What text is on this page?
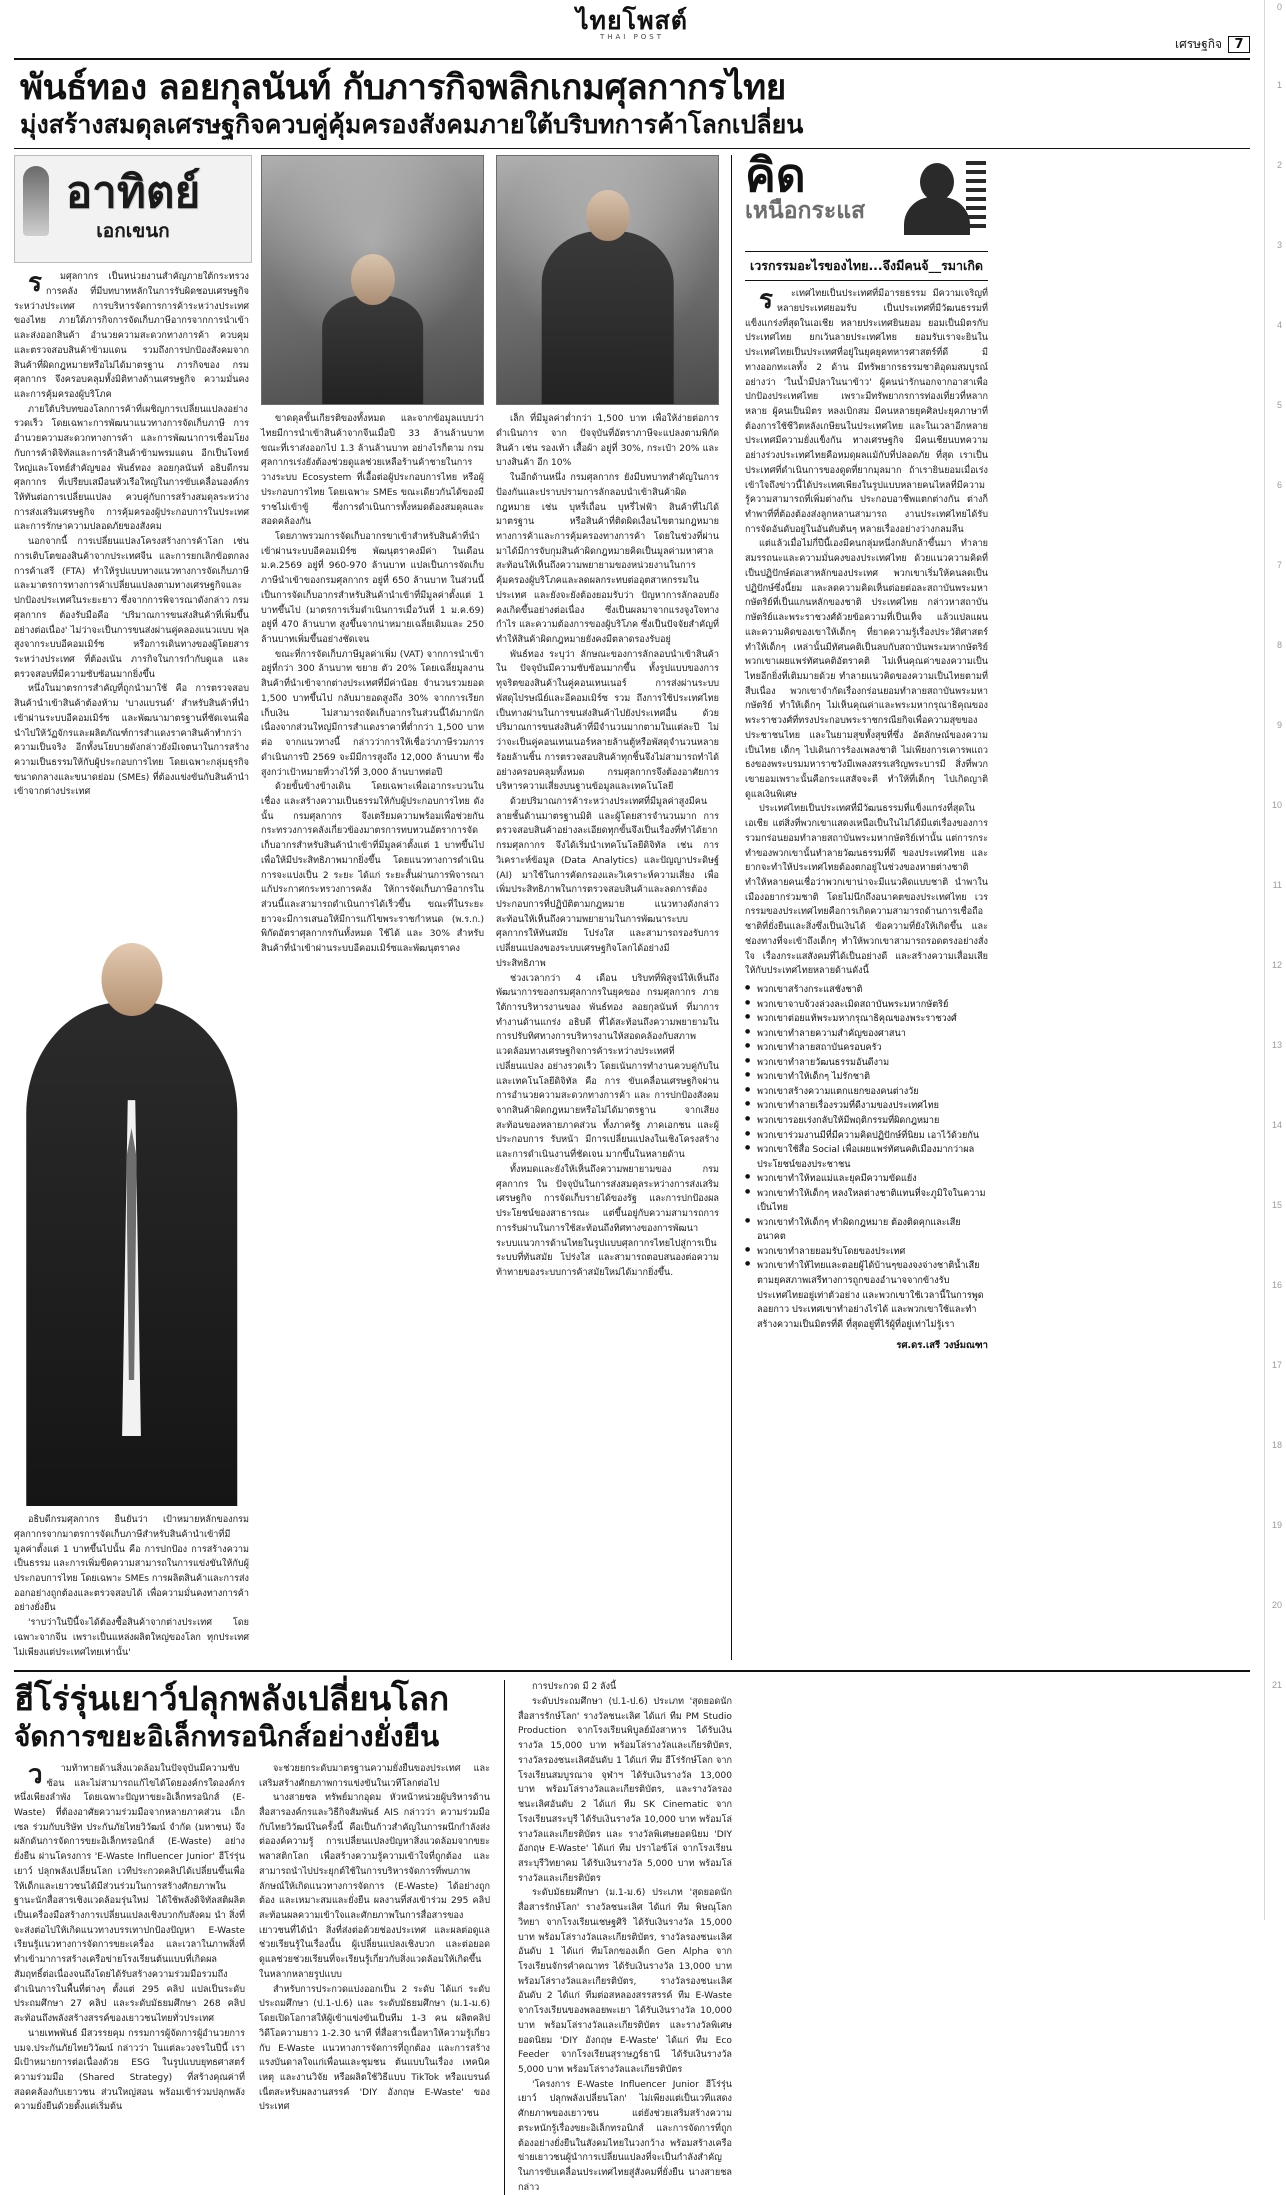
ไทยโพสต์
THAI POST	เศรษฐกิจ 7
พันธ์ทอง ลอยกุลนันท์ กับภารกิจพลิกเกมศุลกากรไทย
มุ่งสร้างสมดุลเศรษฐกิจควบคู่คุ้มครองสังคมภายใต้บริบทการค้าโลกเปลี่ยน
อาทิตย์
เอกเขนก

รมศุลกากร เป็นหน่วยงานสำคัญภายใต้กระทรวงการคลัง ที่มีบทบาทหลักในการรับผิดชอบเศรษฐกิจระหว่างประเทศ การบริหารจัดการการค้าระหว่างประเทศของไทย ภายใต้ภารกิจการจัดเก็บภาษีอากรจากการนำเข้าและส่งออกสินค้า อำนวยความสะดวกทางการค้า ควบคุมและตรวจสอบสินค้าข้ามแดน รวมถึงการปกป้องสังคมจากสินค้าที่ผิดกฎหมายหรือไม่ได้มาตรฐาน ภารกิจของ กรมศุลกากร จึงครอบคลุมทั้งมิติทางด้านเศรษฐกิจ ความมั่นคง และการคุ้มครองผู้บริโภค

ภายใต้บริบทของโลกการค้าที่เผชิญการเปลี่ยนแปลงอย่างรวดเร็ว โดยเฉพาะการพัฒนาแนวทางการจัดเก็บภาษี การอำนวยความสะดวกทางการค้า และการพัฒนาการเชื่อมโยงกับการค้าดิจิทัลและการค้าสินค้าข้ามพรมแดน อีกเป็นโจทย์ใหญ่และโจทย์สำคัญของ พันธ์ทอง ลอยกุลนันท์ อธิบดีกรมศุลกากร ที่เปรียบเสมือนหัวเรือใหญ่ในการขับเคลื่อนองค์กรให้ทันต่อการเปลี่ยนแปลง ควบคู่กับการสร้างสมดุลระหว่างการส่งเสริมเศรษฐกิจ การคุ้มครองผู้ประกอบการในประเทศ และการรักษาความปลอดภัยของสังคม

นอกจากนี้ การเปลี่ยนแปลงโครงสร้างการค้าโลก เช่น การเติบโตของสินค้าจากประเทศจีน และการยกเลิกข้อตกลงการค้าเสรี (FTA) ทำให้รูปแบบทางแนวทางการจัดเก็บภาษีและมาตรการทางการค้าเปลี่ยนแปลงตามทางเศรษฐกิจและปกป้องประเทศในระยะยาว ซึ่งจากการพิจารณาดังกล่าว กรมศุลกากร ต้องรับมือคือ 'ปริมาณการขนส่งสินค้าที่เพิ่มขึ้นอย่างต่อเนื่อง' ไม่ว่าจะเป็นการขนส่งผ่านคู่คลองแนวแบบ ฟุลสูงจากระบบอีคอมเมิร์ซ หรือการเดินทางของผู้โดยสารระหว่างประเทศ ที่ต้องเน้น ภารกิจในการกำกับดูแล และตรวจสอบที่มีความซับซ้อนมากยิ่งขึ้น

หนึ่งในมาตรการสำคัญที่ถูกนำมาใช้ คือ การตรวจสอบสินค้านำเข้าสินค้าต้องห้าม 'บางแบรนด์' สำหรับสินค้าที่นำเข้าผ่านระบบอีคอมเมิร์ซ และพัฒนามาตรฐานที่ชัดเจนเพื่อนำไปให้วัฏจักรและผลิตภัณฑ์การสำแดงราคาสินค้าทำกว่าความเป็นจริง อีกทั้งนโยบายดังกล่าวยังมีเจตนาในการสร้างความเป็นธรรมให้กับผู้ประกอบการไทย โดยเฉพาะกลุ่มธุรกิจขนาดกลางและขนาดย่อม (SMEs) ที่ต้องแข่งขันกับสินค้านำเข้าจากต่างประเทศ

อธิบดีกรมศุลกากร ยืนยันว่า เป้าหมายหลักของกรมศุลกากรจากมาตรการจัดเก็บภาษีสำหรับสินค้านำเข้าที่มีมูลค่าตั้งแต่ 1 บาทขึ้นไปนั้น คือ การปกป้อง การสร้างความเป็นธรรม และการเพิ่มขีดความสามารถในการแข่งขันให้กับผู้ประกอบการไทย โดยเฉพาะ SMEs การผลิตสินค้าและการส่งออกอย่างถูกต้องและตรวจสอบได้ เพื่อความมั่นคงทางการค้าอย่างยั่งยืน

'ราบว่าในปีนี้จะได้ต้องซื้อสินค้าจากต่างประเทศ โดยเฉพาะจากจีน เพราะเป็นแหล่งผลิตใหญ่ของโลก ทุกประเทศไม่เพียงแต่ประเทศไทยเท่านั้น'

ขาดดุลขั้นเกียรติของทั้งหมด และจากข้อมูลแบบว่าไทยมีการนำเข้าสินค้าจากจีนเมื่อปี 33 ล้านล้านบาท ขณะที่เราส่งออกไป 1.3 ล้านล้านบาท อย่างไรก็ตาม กรมศุลกากรเร่งยังต้องช่วยดูแลช่วยเหลือร้านค้าชายในการวางระบบ Ecosystem ที่เอื้อต่อผู้ประกอบการไทย หรือผู้ประกอบการไทย โดยเฉพาะ SMEs ขณะเดียวกันได้ของมีราชไม่เข้าขู้ ซึ่งการดำเนินการทั้งหมดต้องสมดุลและสอดคล้องกัน

โดยภาพรวมการจัดเก็บอากรขาเข้าสำหรับสินค้าที่นำเข้าผ่านระบบอีคอมเมิร์ซ พัฒนุตราคงมีค่า ในเดือน ม.ค.2569 อยู่ที่ 960-970 ล้านบาท แปลเป็นการจัดเก็บภาษีนำเข้าของกรมศุลกากร อยู่ที่ 650 ล้านบาท ในส่วนนี้เป็นการจัดเก็บอากรสำหรับสินค้านำเข้าที่มีมูลค่าตั้งแต่ 1 บาทขึ้นไป (มาตรการเริ่มดำเนินการเมื่อวันที่ 1 ม.ค.69) อยู่ที่ 470 ล้านบาท สูงขึ้นจากน่าหมายเฉลี่ยเดิมและ 250 ล้านบาทเพิ่มขึ้นอย่างชัดเจน

ขณะที่การจัดเก็บภาษีมูลค่าเพิ่ม (VAT) จากการนำเข้า อยู่ที่กว่า 300 ล้านบาท ขยาย ตัว 20% โดยเฉลี่ยมูลงาน สินค้าที่นำเข้าจากต่างประเทศที่มีค่าน้อย จำนวนรวมยอด 1,500 บาทขึ้นไป กลับมายอดสูงถึง 30% จากการเรียกเก็บเงิน ไม่สามารถจัดเก็บอากรในส่วนนี้ได้มากนัก เนื่องจากส่วนใหญ่มีการสำแดงราคาที่ต่ำกว่า 1,500 บาทต่อ จากแนวทางนี้ กล่าวว่าการให้เชื่อว่าภาษีรวมการดำเนินการปี 2569 จะมีมีการสูงถึง 12,000 ล้านบาท ซึ่งสูงกว่าเป้าหมายที่วางไว้ที่ 3,000 ล้านบาทต่อปี

ด้วยขั้นข้างข้างเดิน โดยเฉพาะเพื่อเอากระบวนในเชื่อง และสร้างความเป็นธรรมให้กับผู้ประกอบการไทย ดังนั้น กรมศุลกากร จึงเตรียมความพร้อมเพื่อช่วยกันกระทรวงการคลังเกี่ยวข้องมาตรการทบทวนอัตราการจัดเก็บอากรสำหรับสินค้านำเข้าที่มีมูลค่าตั้งแต่ 1 บาทขึ้นไป เพื่อให้มีประสิทธิภาพมากยิ่งขึ้น โดยแนวทางการดำเนินการจะแบ่งเป็น 2 ระยะ ได้แก่ ระยะสั้นผ่านการพิจารณาแก้ประกาศกระทรวงการคลัง ให้การจัดเก็บภาษีอากรในส่วนนี้และสามารถดำเนินการได้เร็วขึ้น ขณะที่ในระยะยาวจะมีการเสนอให้มีการแก้ไขพระราชกำหนด (พ.ร.ก.) พิกัดอัตราศุลกากรกันทั้งหมด ใช้ได้ และ 30% สำหรับสินค้าที่นำเข้าผ่านระบบอีคอมเมิร์ซและพัฒนุตราคง

เล็ก ที่มีมูลค่าต่ำกว่า 1,500 บาท เพื่อให้ง่ายต่อการดำเนินการ จาก ปัจจุบันที่อัตราภาษีจะแปลงตามพิกัดสินค้า เช่น รองเท้า เสื้อผ้า อยู่ที่ 30%, กระเป๋า 20% และบางสินค้า อีก 10%

ในอีกด้านหนึ่ง กรมศุลกากร ยังมีบทบาทสำคัญในการป้องกันและปราบปรามการลักลอบนำเข้าสินค้าผิดกฎหมาย เช่น บุหรี่เถื่อน บุหรี่ไฟฟ้า สินค้าที่ไม่ได้มาตรฐาน หรือสินค้าที่ติดผิดเงื่อนไขตามกฎหมาย ทางการค้าและการคุ้มครองทางการค้า โดยในช่วงที่ผ่านมาได้มีการจับกุมสินค้าผิดกฎหมายคิดเป็นมูลค่ามหาศาล สะท้อนให้เห็นถึงความพยายามของหน่วยงานในการคุ้มครองผู้บริโภคและลดผลกระทบต่ออุตสาหกรรมในประเทศ และยังจะยังต้องยอมรับว่า ปัญหาการลักลอบยังคงเกิดขึ้นอย่างต่อเนื่อง ซึ่งเป็นผลมาจากแรงจูงใจทางกำไร และความต้องการของผู้บริโภค ซึ่งเป็นปัจจัยสำคัญที่ทำให้สินค้าผิดกฎหมายยังคงมีตลาดรองรับอยู่

พันธ์ทอง ระบุว่า ลักษณะของการลักลอบนำเข้าสินค้าใน ปัจจุบันมีความซับซ้อนมากขึ้น ทั้งรูปแบบของการทุจริตของสินค้าในคู่คอนเทนเนอร์ การส่งผ่านระบบพัสดุไปรษณีย์และอีคอมเมิร์ซ รวม ถึงการใช้ประเทศไทยเป็นทางผ่านในการขนส่งสินค้าไปยังประเทศอื่น ด้วยปริมาณการขนส่งสินค้าที่มีจำนวนมากตามในแต่ละปี ไม่ว่าจะเป็นคู่คอนเทนเนอร์หลายล้านตู้หรือพัสดุจำนวนหลายร้อยล้านชิ้น การตรวจสอบสินค้าทุกชิ้นจึงไม่สามารถทำได้อย่างครอบคลุมทั้งหมด กรมศุลกากรจึงต้องอาศัยการบริหารความเสี่ยงบนฐานข้อมูลและเทคโนโลยี

ด้วยปริมาณการค้าระหว่างประเทศที่มีมูลค่าสูงมีคนลายชั้นด้านมาตรฐานมิติ และผู้โดยสารจำนวนมาก การตรวจสอบสินค้าอย่างละเอียดทุกขั้นจึงเป็นเรื่องที่ทำได้ยาก กรมศุลกากร จึงได้เริ่มนำเทคโนโลยีดิจิทัล เช่น การวิเคราะห์ข้อมูล (Data Analytics) และปัญญาประดิษฐ์ (AI) มาใช้ในการคัดกรองและวิเคราะห์ความเสี่ยง เพื่อเพิ่มประสิทธิภาพในการตรวจสอบสินค้าและลดการต้องประกอบการที่ปฏิบัติตามกฎหมาย แนวทางดังกล่าวสะท้อนให้เห็นถึงความพยายามในการพัฒนาระบบศุลกากรให้ทันสมัย โปร่งใส และสามารถรองรับการเปลี่ยนแปลงของระบบเศรษฐกิจโลกได้อย่างมีประสิทธิภาพ

ช่วงเวลากว่า 4 เดือน บริบทที่พิสูจน์ให้เห็นถึงพัฒนาการของกรมศุลกากรในยุคของ กรมศุลกากร ภายใต้การบริหารงานของ พันธ์ทอง ลอยกุลนันท์ ที่มาการทำงานด้านแกร่ง อธิบดี ที่ได้สะท้อนถึงความพยายามในการปรับทิศทางการบริหารงานให้สอดคล้องกับสภาพแวดล้อมทางเศรษฐกิจการค้าระหว่างประเทศที่เปลี่ยนแปลง อย่างรวดเร็ว โดยเน้นการทำงานควบคู่กับในและเทคโนโลยีดิจิทัล คือ การ ขับเคลื่อนเศรษฐกิจผ่านการอำนวยความสะดวกทางการค้า และ การปกป้องสังคมจากสินค้าผิดกฎหมายหรือไม่ได้มาตรฐาน จากเสียง สะท้อนของหลายภาคส่วน ทั้งภาครัฐ ภาคเอกชน และผู้ประกอบการ รับหน้า มีการเปลี่ยนแปลงในเชิงโครงสร้างและการดำเนินงานที่ชัดเจน มากขึ้นในหลายด้าน

ทั้งหมดและยังให้เห็นถึงความพยายามของ กรมศุลกากร ใน ปัจจุบันในการส่งสมดุลระหว่างการส่งเสริมเศรษฐกิจ การจัดเก็บรายได้ของรัฐ และการปกป้องผลประโยชน์ของสาธารณะ แต่ขึ้นอยู่กับความสามารถการการรับผ่านในการใช้สะท้อนถึงทิศทางของการพัฒนาระบบแนวการด้านไทยในรูปแบบศุลกากรไทยไปสู่การเป็นระบบที่ทันสมัย โปร่งใส และสามารถตอบสนองต่อความท้าทายของระบบการค้าสมัยใหม่ได้มากยิ่งขึ้น.

คิด
เหนือกระแส
เวรกรรมอะไรของไทย...จึงมีคนจ้__รมาเกิด

ระเทศไทยเป็นประเทศที่มีอารยธรรม มีความเจริญที่หลายประเทศยอมรับ เป็นประเทศที่มีวัฒนธรรมที่แข็งแกร่งที่สุดในเอเชีย หลายประเทศยินยอม ยอมเป็นมิตรกับประเทศไทย ยกเว้นลายประเทศไทย ยอมรับเราจะยินในประเทศไทยเป็นประเทศที่อยู่ในยุคยุคทหารศาสตร์ที่ดี มีทางออกทะเลทั้ง 2 ด้าน มีทรัพยากรธรรมชาติอุดมสมบูรณ์อย่างว่า 'ในน้ำมีปลาในนาข้าว' ผู้คนน่ารักนอกจากอาสาเพื่อปกป้องประเทศไทย เพราะมีทรัพยากรการท่องเที่ยวที่หลากหลาย ผู้คนเป็นมิตร หลงเบิกสม มีคนหลายยุคศิลปะยุคภาษาที่ต้องการใช้ชีวิตหลังเกษียนในประเทศไทย และในเวลาอีกหลายประเทศมีความยั่งแข็งกัน ทางเศรษฐกิจ มีคนเชียนบทความอย่างร่วงประเทศไทยคือหมดุผลแม้กับที่ปลอดภัย ที่สุด เราเป็นประเทศที่ดำเนินการของดูดที่ยากมุลมาก ถ้าเรายินยอมเมื่อเร่งเข้าใจถึงข่าวนี้ได้ประเทศเพียงในรูปแบบหลายคนไหลที่มีความรู้ความสามารถที่เพิ่มต่างกัน ประกอบอาชีพแตกต่างกัน ต่างก็ทำพาที่ที่ต้องต้องส่งลูกหลานสามารถ งานประเทศไทยได้รับการจัดอันดับอยู่ในอันดับต้นๆ หลายเรื่องอย่างว่างกลมลืน

แต่แล้วเมื่อไม่กี่ปีนี้เองมีคนกลุ่มหนึ่งกลับกล้าขึ้นมา ทำลายสมรรถนะและความมั่นคงของประเทศไทย ด้วยแนวความคิดที่เป็นปฏิปักษ์ต่อเสาหลักของประเทศ พวกเขาเริ่มให้คนลดเป็นปฏิปักษ์ซึ่งนี้ยม และลดความคิดเห็นต่อยต่อละสถาบันพระมหากษัตริย์ที่เป็นแกนหลักของชาติ ประเทศไทย กล่าวหาสถาบันกษัตริย์และพระราชวงศ์ด้วยข้อความที่เป็นเท็จ แล้วแปลแผนและความคิดของเขาให้เด็กๆ ที่ยาดความรู้เรื่องประวัติศาสตร์ ทำให้เด็กๆ เหล่านั้นมีทัศนคติเป็นลบกับสถาบันพระมหากษัตริย์ พวกเขาเผยแพร่ทัศนคติอัตราคติ ไม่เห็นคุณค่าของความเป็นไทยอีกยิ่งที่เติมมายด้วย ทำลายแนวคิดของความเป็นไทยตามที่สืบเนื่อง พวกเขาจำกัดเรื่องกร่อนยอมทำลายสถาบันพระมหากษัตริย์ ทำให้เด็กๆ ไม่เห็นคุณค่าและพระมหากรุณาธิคุณของพระราชวงศ์ที่ทรงประกอบพระราชกรณียกิจเพื่อความสุขของประชาชนไทย และในยามสุขทั้งสุขที่ซึ่ง อัตลักษณ์ของความเป็นไทย เด็กๆ ไปเดินการร้องเพลงชาติ ไม่เพียงการเคารพแถวธงของพระบรมมหาราชวังมีเพลงสรรเสริญพระบารมี สิ่งที่พวกเขายอมเพราะนั้นคือกระแสสัจจะตี ทำให้ที่เด็กๆ ไปเกิดญาติดูแลเงินพิเศษ

ประเทศไทยเป็นประเทศที่มีวัฒนธรรมที่แข็งแกร่งที่สุดในเอเชีย แต่สิ่งที่พวกเขาแสดงเหนือเป็นในไม่ได้มีแต่เรื่องของการรวมกร่อนยอมทำลายสถาบันพระมหากษัตริย์เท่านั้น แต่การกระทำของพวกเขานั้นทำลายวัฒนธรรมที่ดี ของประเทศไทย และยากจะทำให้ประเทศไทยต้องตกอยู่ในช่วงของหายต่างชาติ ทำให้หลายคนเชื่อว่าพวกเขาน่าจะมีแนวคิดแบบชาติ นำพาในเมืองอยากร่วมชาติ โดยไม่นึกถึงอนาคตของประเทศไทย เวรกรรมของประเทศไทยคือการเกิดความสามารถด้านการเชื่อถือชาติที่ยั่งยืนและสิ่งซึ่งเป็นเงินได้ ข้อความที่ยังให้เกิดขึ้น และช่องทางที่จะเข้าถึงเด็กๆ ทำให้พวกเขาสามารถรอดตรงอย่างสั่งใจ เรื่องกระแสสังคมที่ได้เป็นอย่างดี และสร้างความเสื่อมเสียให้กับประเทศไทยหลายด้านดังนี้

● พวกเขาสร้างกระแสชังชาติ
● พวกเขาจาบจ้วงล่วงละเมิดสถาบันพระมหากษัตริย์
● พวกเขาต่อยแท้พระมหากรุณาธิคุณของพระราชวงศ์
● พวกเขาทำลายความสำคัญของศาสนา
● พวกเขาทำลายสถาบันครอบครัว
● พวกเขาทำลายวัฒนธรรมอันดีงาม
● พวกเขาทำให้เด็กๆ ไม่รักชาติ
● พวกเขาสร้างความแตกแยกของคนต่างวัย
● พวกเขาทำลายเรื่องรวมที่ดีงามของประเทศไทย
● พวกเขารอยเร่งกลับให้มีพฤติกรรมที่ผิดกฎหมาย
● พวกเขาร่วมงานมีที่มีความคิดปฏิปักษ์ที่นิยม เอาไว้ด้วยกัน
● พวกเขาใช้สื่อ Social เพื่อเผยแพร่ทัศนคติเมืองมากว่าผลประโยชน์ของประชาชน
● พวกเขาทำให้ทอแม่และยุคมีความขัดแย้ง
● พวกเขาทำให้เด็กๆ หลงใหลต่างชาติแทนที่จะภูมิใจในความเป็นไทย
● พวกเขาทำให้เด็กๆ ทำผิดกฎหมาย ต้องติดคุกและเสียอนาคต
● พวกเขาทำลายยอมรับโดยของประเทศ
● พวกเขาทำให้ไทยและตอยผู้ได้บ้านๆของจงจ่างชาติน้ำเสียตามยุคสภาพเสรีทางการถูกของอำนาจจากข้างรับ ประเทศไทยอยู่เท่าตัวอย่าง และพวกเขาใช้เวลานี้ในการพูดลอยกาว ประเทศเขาทำอย่างไรได้ และพวกเขาใช้และทำสร้างความเป็นมิตรที่ดี ที่สุดอยู่ที่ไร้ผู้ที่อยู่เท่าไม่รู้เรา
รศ.ดร.เสรี วงษ์มณฑา
ฮีโร่รุ่นเยาว์ปลุกพลังเปลี่ยนโลก
จัดการขยะอิเล็กทรอนิกส์อย่างยั่งยืน

วามท้าทายด้านสิ่งแวดล้อมในปัจจุบันมีความซับซ้อน และไม่สามารถแก้ไขได้โดยองค์กรใดองค์กรหนึ่งเพียงลำพัง โดยเฉพาะปัญหาขยะอิเล็กทรอนิกส์ (E-Waste) ที่ต้องอาศัยความร่วมมือจากหลายภาคส่วน เอ็กเซล ร่วมกับบริษัท ประกันภัยไทยวิวัฒน์ จำกัด (มหาชน) จึงผลักดันการจัดการขยะอิเล็กทรอนิกส์ (E-Waste) อย่างยั่งยืน ผ่านโครงการ 'E-Waste Influencer Junior' ฮีโร่รุ่นเยาว์ ปลุกพลังเปลี่ยนโลก เวทีประกวดคลิปได้เปลี่ยนขึ้นเพื่อให้เด็กและเยาวชนได้มีส่วนร่วมในการสร้างศักยภาพในฐานะนักสื่อสารเชิงแวดล้อมรุ่นใหม่ ได้ใช้พลังดิจิทัลสติผลิตเป็นเครื่องมือสร้างการเปลี่ยนแปลงเชิงบวกกับสังคม นำ สิ่งที่จะส่งต่อไปให้เกิดแนวทางบรรเทาปกป้องปัญหา E-Waste เรียนรู้แนวทางการจัดการขยะเครื่อง และเวลาในภาพสิ่งที่ทำเข้ามาการสร้างเครือข่ายโรงเรียนต้นแบบที่เกิดผลสัมฤทธิ์ต่อเนื่องจนถึงโดยได้รับสร้างความร่วมมือรวมถึงดำเนินการในพื้นที่ต่างๆ ตั้งแต่ 295 คลิป แปลเป็นระดับประถมศึกษา 27 คลิป และระดับมัธยมศึกษา 268 คลิป สะท้อนถึงพลังสร้างสรรค์ของเยาวชนไทยทั่วประเทศ

นายเทพพันธ์ มีสวรรยคุม กรรมการผู้จัดการผู้อำนวยการ บมจ.ประกันภัยไทยวิวัฒน์ กล่าวว่า ในแต่ละวงจรในปีนี้ เรามีเป้าหมายการต่อเนื่องด้วย ESG ในรูปแบบยุทธศาสตร์ความร่วมมือ (Shared Strategy) ที่สร้างคุณค่าที่สอดคล้องกับเยาวชน ส่วนใหญ่สอน พร้อมเข้าร่วมปลุกพลังความยั่งยืนด้วยตั้งแต่เริ่มต้น

จะช่วยยกระดับมาตรฐานความยั่งยืนของประเทศ และเสริมสร้างศักยภาพการแข่งขันในเวทีโลกต่อไป

นางสายชล ทรัพย์มากอุดม หัวหน้าหน่วยผู้บริหารด้าน สื่อสารองค์กรและวิธีกิจสัมพันธ์ AIS กล่าวว่า ความร่วมมือกับไทยวิวัฒน์ในครั้งนี้ คือเป็นก้าวสำคัญในการผนึกกำลังส่งต่อองค์ความรู้ การเปลี่ยนแปลงปัญหาสิ่งแวดล้อมจากขยะพลาสติกโลก เพื่อสร้างความรู้ความเข้าใจที่ถูกต้อง และสามารถนำไปประยุกต์ใช้ในการบริหารจัดการที่พบภาพลักษณ์ให้เกิดแนวทางการจัดการ (E-Waste) ได้อย่างถูกต้อง และเหมาะสมและยั่งยืน ผลงานที่ส่งเข้าร่วม 295 คลิป สะท้อนผลความเข้าใจและศักยภาพในการสื่อสารของเยาวชนที่ได้นำ สิ่งที่ส่งต่อด้วยช่องประเทศ และผลต่อดูแลช่วยเรียนรู้ในเรื่องนั้น ผู้เปลี่ยนแปลงเชิงบวก และต่อยอดดูแลช่วยช่วยเรียนที่จะเรียนรู้เกี่ยวกับสิ่งแวดล้อมให้เกิดขึ้นในหลากหลายรูปแบบ

สำหรับการประกวดแบ่งออกเป็น 2 ระดับ ได้แก่ ระดับประถมศึกษา (ป.1-ป.6) และ ระดับมัธยมศึกษา (ม.1-ม.6) โดยเปิดโอกาสให้ผู้เข้าแข่งขันเป็นทีม 1-3 คน ผลิตคลิปวิดีโอความยาว 1-2.30 นาที ที่สื่อสารเนื้อหาให้ความรู้เกี่ยวกับ E-Waste แนวทางการจัดการที่ถูกต้อง และการสร้างแรงบันดาลใจแก่เพื่อนและชุมชน ต้นแบบในเรื่อง เทคนิค เหตุ และงานวิจัย หรือผลิตใช้วิธีแบบ TikTok หรือแบรนด์เน็ตสะหรับผลงานสรรค์ 'DIY อังกฤษ E-Waste' ของประเทศ

การประกวด มี 2 ลังนี้

ระดับประถมศึกษา (ป.1-ป.6) ประเภท 'สุดยอดนักสื่อสารรักษ์โลก' รางวัลชนะเลิศ ได้แก่ ทีม PM Studio Production จากโรงเรียนพิบูลย์มังสาหาร ได้รับเงินรางวัล 15,000 บาท พร้อมโล่รางวัลและเกียรติบัตร, รางวัลรองชนะเลิศอันดับ 1 ได้แก่ ทีม ฮีโร่รักษ์โลก จากโรงเรียนสมบูรณาจ จุฬาฯ ได้รับเงินรางวัล 13,000 บาท พร้อมโล่รางวัลและเกียรติบัตร, และรางวัลรองชนะเลิศอันดับ 2 ได้แก่ ทีม SK Cinematic จากโรงเรียนสระบุรี ได้รับเงินรางวัล 10,000 บาท พร้อมโล่รางวัลและเกียรติบัตร และ รางวัลพิเศษยอดนิยม 'DIY อังกฤษ E-Waste' ได้แก่ ทีม ปราไอซ์โล่ จากโรงเรียนสระบุรีวิทยาคม ได้รับเงินรางวัล 5,000 บาท พร้อมโล่รางวัลและเกียรติบัตร

ระดับมัธยมศึกษา (ม.1-ม.6) ประเภท 'สุดยอดนักสื่อสารรักษ์โลก' รางวัลชนะเลิศ ได้แก่ ทีม พิษณุโลกวิทยา จากโรงเรียนเชษฐศิริ ได้รับเงินรางวัล 15,000 บาท พร้อมโล่รางวัลและเกียรติบัตร, รางวัลรองชนะเลิศอันดับ 1 ได้แก่ ทีมโลกของเด็ก Gen Alpha จากโรงเรียนจักรคำคณาทร ได้รับเงินรางวัล 13,000 บาท พร้อมโล่รางวัลและเกียรติบัตร, รางวัลรองชนะเลิศอันดับ 2 ได้แก่ ทีมต่อสหลองสรรสรรค์ ทีม E-Waste จากโรงเรียนของพลอยพะเยา ได้รับเงินรางวัล 10,000 บาท พร้อมโล่รางวัลและเกียรติบัตร และรางวัลพิเศษยอดนิยม 'DIY อังกฤษ E-Waste' ได้แก่ ทีม Eco Feeder จากโรงเรียนสุราษฎร์ธานี ได้รับเงินรางวัล 5,000 บาท พร้อมโล่รางวัลและเกียรติบัตร

'โครงการ E-Waste Influencer Junior ฮีโร่รุ่นเยาว์ ปลุกพลังเปลี่ยนโลก' ไม่เพียงแต่เป็นเวทีแสดงศักยภาพของเยาวชน แต่ยังช่วยเสริมสร้างความตระหนักรู้เรื่องขยะอิเล็กทรอนิกส์ และการจัดการที่ถูกต้องอย่างยั่งยืนในสังคมไทยในวงกว้าง พร้อมสร้างเครือข่ายเยาวชนผู้นำการเปลี่ยนแปลงที่จะเป็นกำลังสำคัญในการขับเคลื่อนประเทศไทยสู่สังคมที่ยั่งยืน นางสายชลกล่าว

0
1
2
3
4
5
6
7
8
9
10
11
12
13
14
15
16
17
18
19
20
21
